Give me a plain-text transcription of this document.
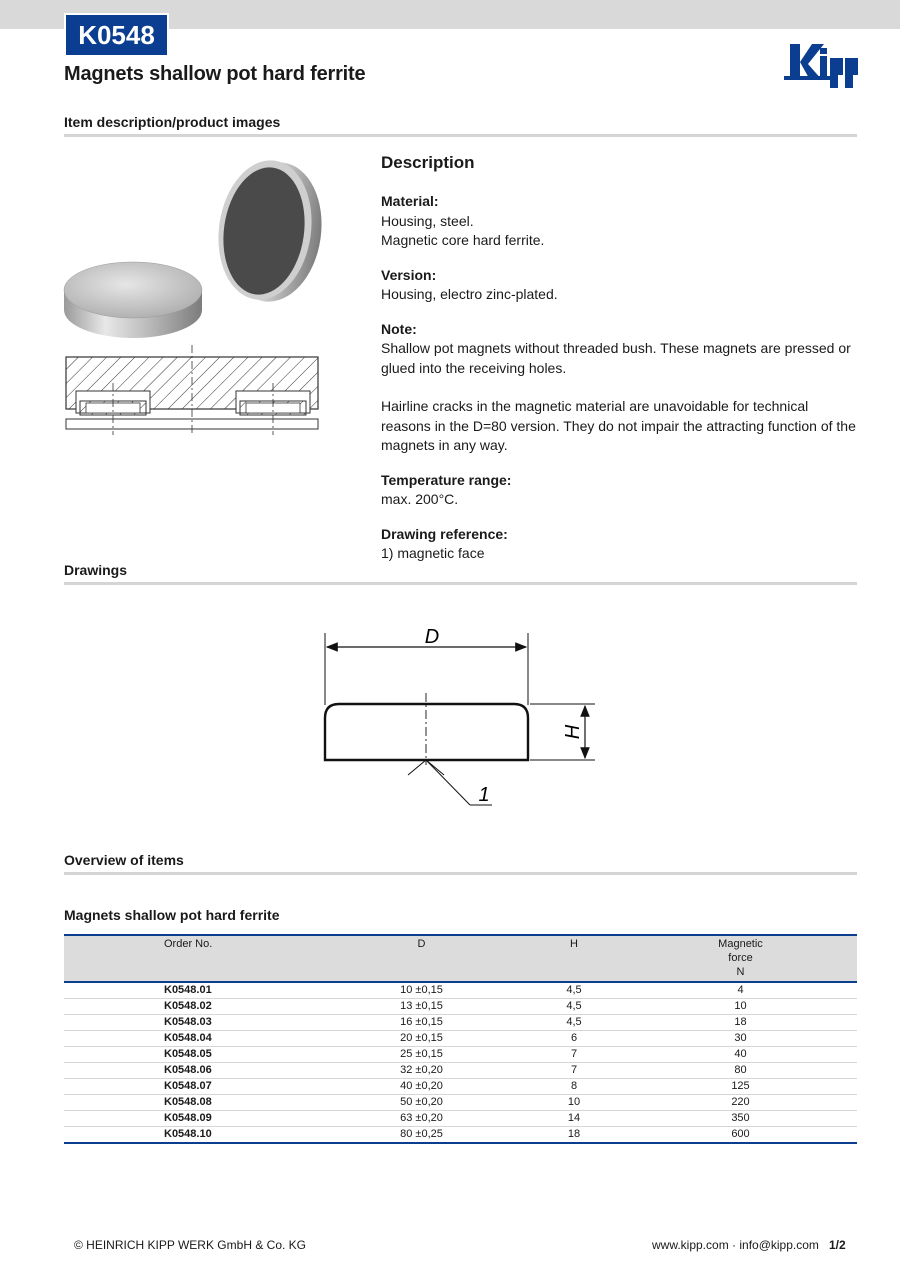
K0548
Magnets shallow pot hard ferrite
Item description/product images
Description

Material:

Housing, steel.

Magnetic core hard ferrite.

Version:

Housing, electro zinc-plated.

Note:

Shallow pot magnets without threaded bush. These magnets are pressed or glued into the receiving holes.

Hairline cracks in the magnetic material are unavoidable for technical reasons in the D=80 version. They do not impair the attracting function of the magnets in any way.

Temperature range:

max. 200°C.

Drawing reference:

1) magnetic face

Drawings
D
H
1
Overview of items
Magnets shallow pot hard ferrite
Order No.	D	H	Magnetic
force
N
K0548.01	10 ±0,15	4,5	4
K0548.02	13 ±0,15	4,5	10
K0548.03	16 ±0,15	4,5	18
K0548.04	20 ±0,15	6	30
K0548.05	25 ±0,15	7	40
K0548.06	32 ±0,20	7	80
K0548.07	40 ±0,20	8	125
K0548.08	50 ±0,20	10	220
K0548.09	63 ±0,20	14	350
K0548.10	80 ±0,25	18	600
© HEINRICH KIPP WERK GmbH & Co. KG	www.kipp.com · info@kipp.com 1/2
